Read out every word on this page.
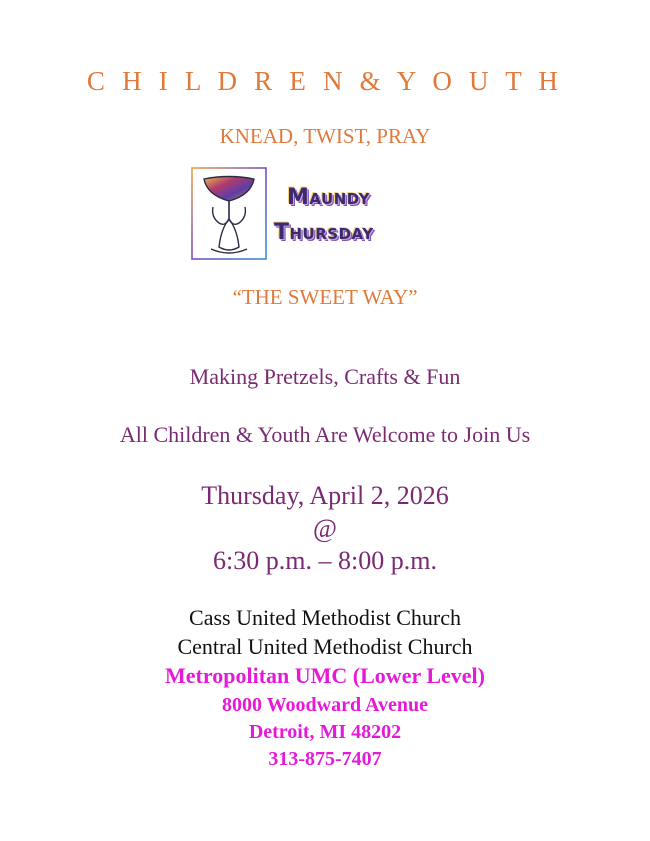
C H I L D R E N & Y O U T H
KNEAD, TWIST, PRAY
Maundy
Thursday
“THE SWEET WAY”
Making Pretzels, Crafts & Fun
All Children & Youth Are Welcome to Join Us
Thursday, April 2, 2026
@
6:30 p.m. – 8:00 p.m.
Cass United Methodist Church
Central United Methodist Church
Metropolitan UMC (Lower Level)
8000 Woodward Avenue
Detroit, MI 48202
313-875-7407
